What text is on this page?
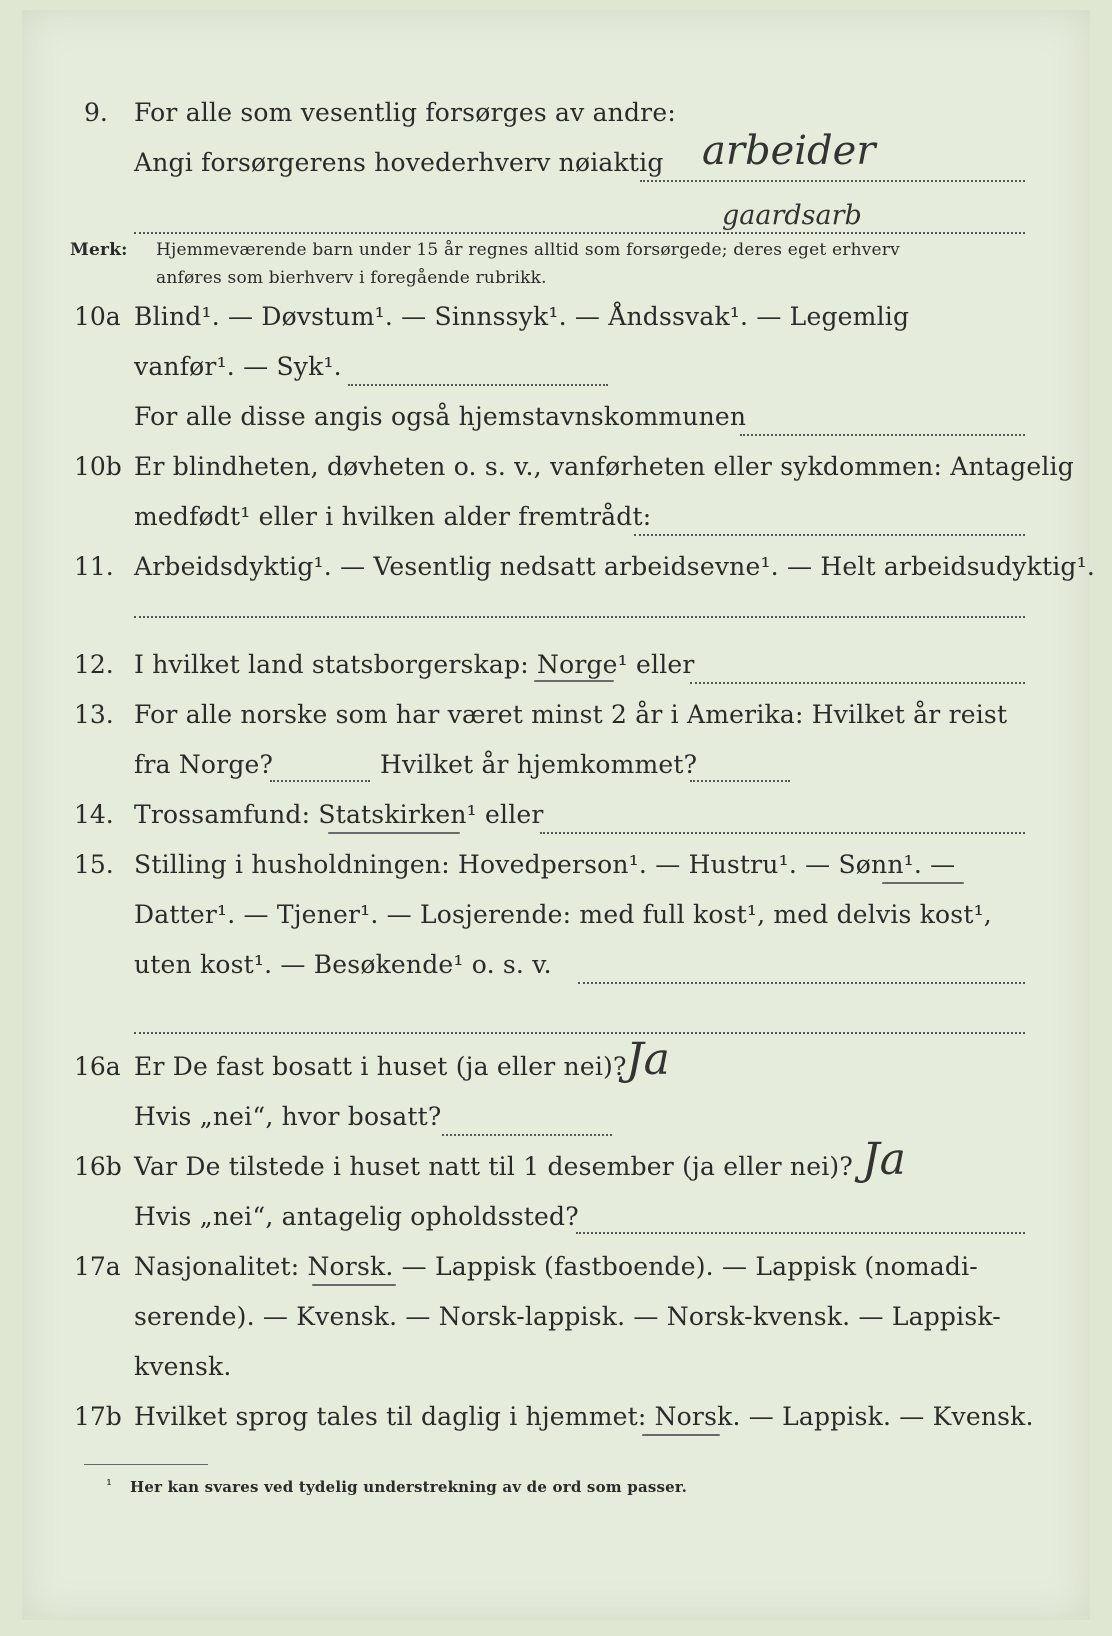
9. For alle som vesentlig forsørges av andre:
Angi forsørgerens hovederhverv nøiaktig arbeider
gaardsarb
Merk: Hjemmeværende barn under 15 år regnes alltid som forsørgede; deres eget erhverv
anføres som bierhverv i foregående rubrikk.
10a Blind¹. — Døvstum¹. — Sinnssyk¹. — Åndssvak¹. — Legemlig
vanfør¹. — Syk¹.
For alle disse angis også hjemstavnskommunen
10b Er blindheten, døvheten o. s. v., vanførheten eller sykdommen: Antagelig
medfødt¹ eller i hvilken alder fremtrådt:
11. Arbeidsdyktig¹. — Vesentlig nedsatt arbeidsevne¹. — Helt arbeidsudyktig¹.
12. I hvilket land statsborgerskap: Norge¹ eller
13. For alle norske som har været minst 2 år i Amerika: Hvilket år reist
fra Norge?	Hvilket år hjemkommet?
14. Trossamfund: Statskirken¹ eller
15. Stilling i husholdningen: Hovedperson¹. — Hustru¹. — Sønn¹. —
Datter¹. — Tjener¹. — Losjerende: med full kost¹, med delvis kost¹,
uten kost¹. — Besøkende¹ o. s. v.
16a Er De fast bosatt i huset (ja eller nei)? Ja
Hvis „nei“, hvor bosatt?
16b Var De tilstede i huset natt til 1 desember (ja eller nei)? Ja
Hvis „nei“, antagelig opholdssted?
17a Nasjonalitet: Norsk. — Lappisk (fastboende). — Lappisk (nomadi-
serende). — Kvensk. — Norsk-lappisk. — Norsk-kvensk. — Lappisk-
kvensk.
17b Hvilket sprog tales til daglig i hjemmet: Norsk. — Lappisk. — Kvensk.
¹ Her kan svares ved tydelig understrekning av de ord som passer.
